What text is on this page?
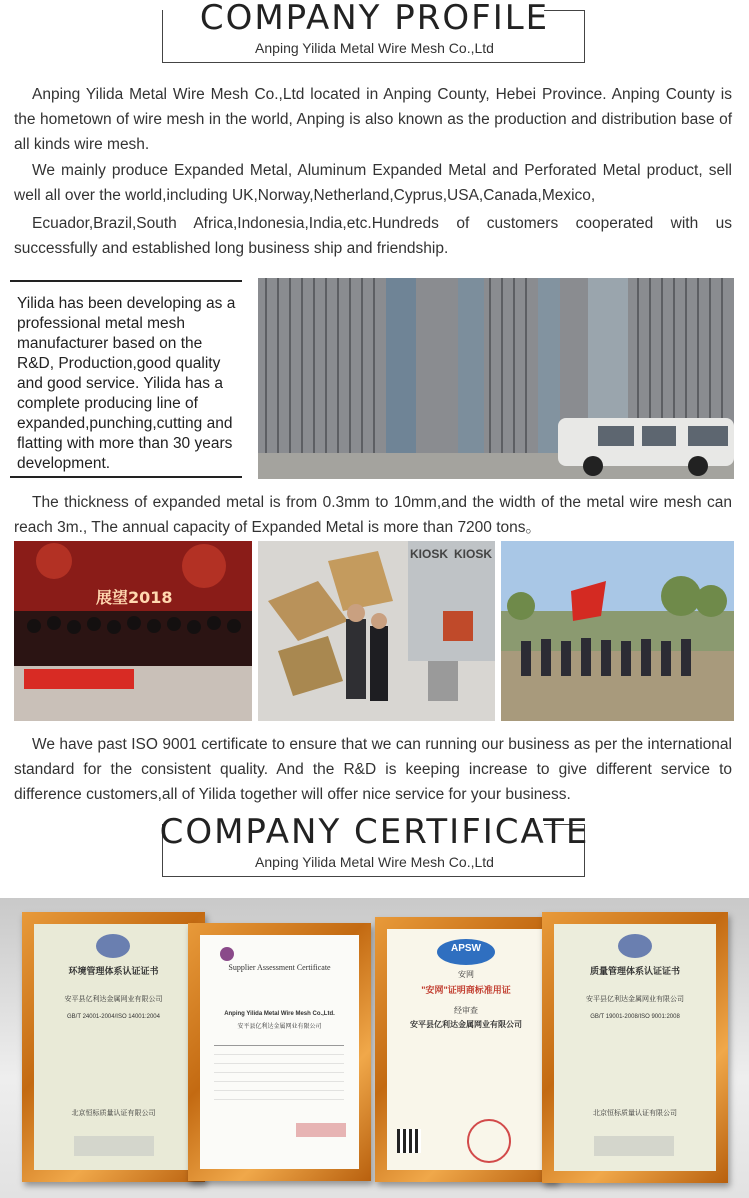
COMPANY PROFILE
Anping Yilida Metal Wire Mesh Co.,Ltd
Anping Yilida Metal Wire Mesh Co.,Ltd located in Anping County, Hebei Province. Anping County is the hometown of wire mesh in the world, Anping is also known as the production and distribution base of all kinds wire mesh.
We mainly produce Expanded Metal, Aluminum Expanded Metal and Perforated Metal product, sell well all over the world,including UK,Norway,Netherland,Cyprus,USA,Canada,Mexico,
Ecuador,Brazil,South Africa,Indonesia,India,etc.Hundreds of customers cooperated with us successfully and established long business ship and friendship.
Yilida has been developing as a professional metal mesh manufacturer based on the R&D, Production,good quality and good service. Yilida has a complete producing line of expanded,punching,cutting and flatting with more than 30 years development.
The thickness of expanded metal is from 0.3mm to 10mm,and the width of the metal wire mesh can reach 3m., The annual capacity of Expanded Metal is more than 7200 tons。
展望2018
KIOSK KIOSK
We have past ISO 9001 certificate to ensure that we can running our business as per the international standard for the consistent quality. And the R&D is keeping increase to give different service to difference customers,all of Yilida together will offer nice service for your business.
COMPANY CERTIFICATE
Anping Yilida Metal Wire Mesh Co.,Ltd
环境管理体系认证证书
安平县亿利达金属网业有限公司
GB/T 24001-2004/ISO 14001:2004
北京恒标质量认证有限公司
Supplier Assessment Certificate
Anping Yilida Metal Wire Mesh Co.,Ltd.
安平县亿利达金属网业有限公司
APSW
安网
"安网"证明商标准用证
经审查
安平县亿利达金属网业有限公司
质量管理体系认证证书
安平县亿利达金属网业有限公司
GB/T 19001-2008/ISO 9001:2008
北京恒标质量认证有限公司
